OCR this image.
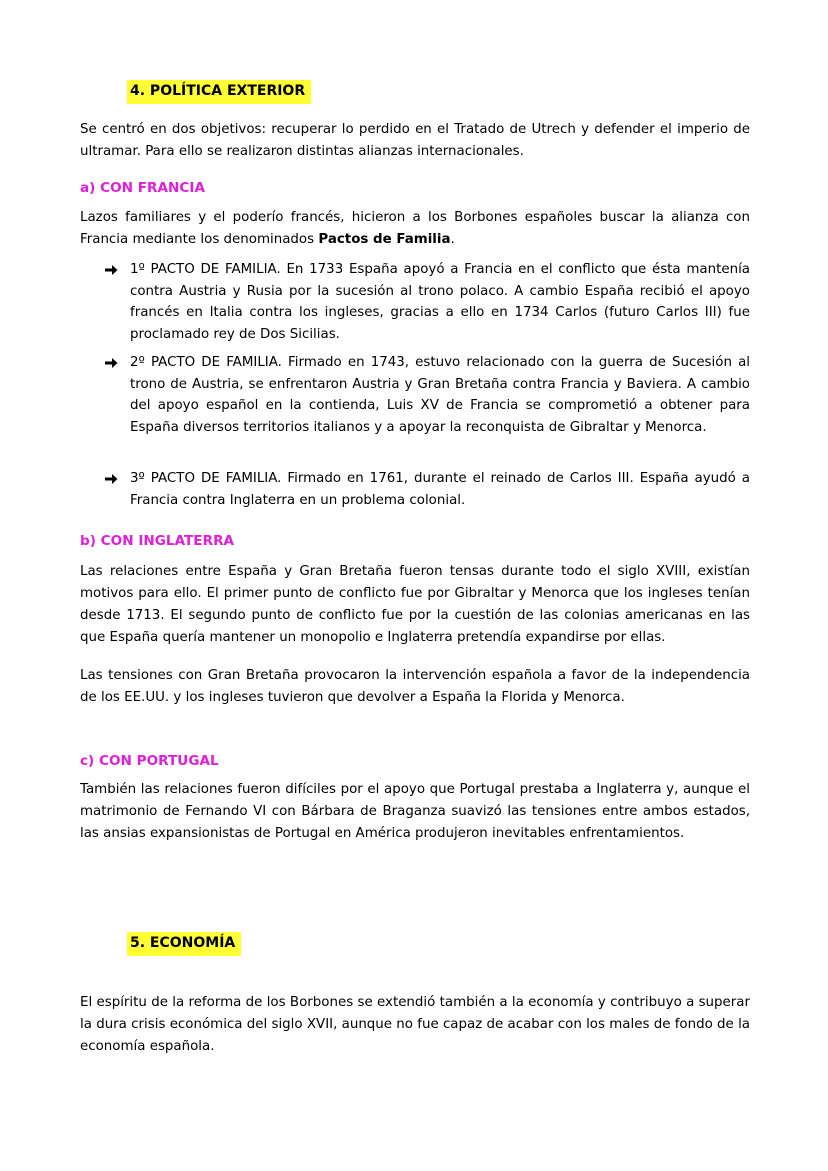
4. POLÍTICA EXTERIOR

Se centró en dos objetivos: recuperar lo perdido en el Tratado de Utrech y defender el imperio de ultramar. Para ello se realizaron distintas alianzas internacionales.

a) CON FRANCIA

Lazos familiares y el poderío francés, hicieron a los Borbones españoles buscar la alianza con Francia mediante los denominados Pactos de Familia.

1º PACTO DE FAMILIA. En 1733 España apoyó a Francia en el conflicto que ésta mantenía contra Austria y Rusia por la sucesión al trono polaco. A cambio España recibió el apoyo francés en Italia contra los ingleses, gracias a ello en 1734 Carlos (futuro Carlos III) fue proclamado rey de Dos Sicilias.
2º PACTO DE FAMILIA. Firmado en 1743, estuvo relacionado con la guerra de Sucesión al trono de Austria, se enfrentaron Austria y Gran Bretaña contra Francia y Baviera. A cambio del apoyo español en la contienda, Luis XV de Francia se comprometió a obtener para España diversos territorios italianos y a apoyar la reconquista de Gibraltar y Menorca.
3º PACTO DE FAMILIA. Firmado en 1761, durante el reinado de Carlos III. España ayudó a Francia contra Inglaterra en un problema colonial.
b) CON INGLATERRA

Las relaciones entre España y Gran Bretaña fueron tensas durante todo el siglo XVIII, existían motivos para ello. El primer punto de conflicto fue por Gibraltar y Menorca que los ingleses tenían desde 1713. El segundo punto de conflicto fue por la cuestión de las colonias americanas en las que España quería mantener un monopolio e Inglaterra pretendía expandirse por ellas.

Las tensiones con Gran Bretaña provocaron la intervención española a favor de la independencia de los EE.UU. y los ingleses tuvieron que devolver a España la Florida y Menorca.

c) CON PORTUGAL

También las relaciones fueron difíciles por el apoyo que Portugal prestaba a Inglaterra y, aunque el matrimonio de Fernando VI con Bárbara de Braganza suavizó las tensiones entre ambos estados, las ansias expansionistas de Portugal en América produjeron inevitables enfrentamientos.

5. ECONOMÍA

El espíritu de la reforma de los Borbones se extendió también a la economía y contribuyo a superar la dura crisis económica del siglo XVII, aunque no fue capaz de acabar con los males de fondo de la economía española.
